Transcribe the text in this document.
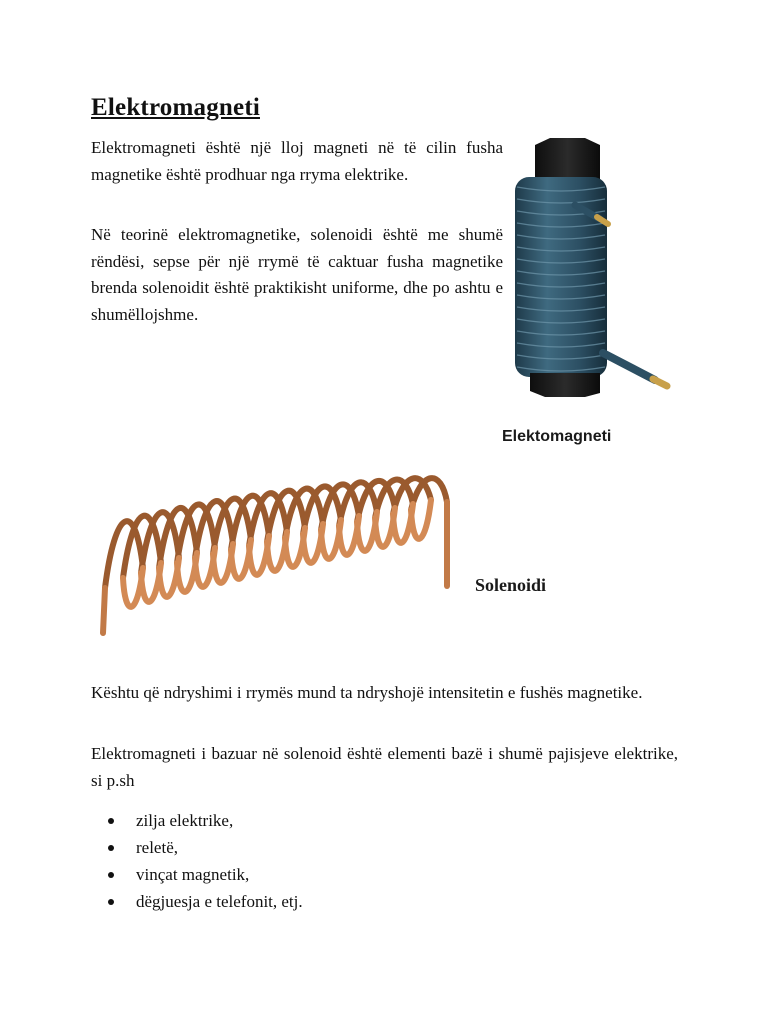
Elektromagneti

Elektromagneti është një lloj magneti në të cilin fusha magnetike është prodhuar nga rryma elektrike.

Në teorinë elektromagnetike, solenoidi është me shumë rëndësi, sepse për një rrymë të caktuar fusha magnetike brenda solenoidit është praktikisht uniforme, dhe po ashtu e shumëllojshme.

Elektomagneti
Solenoidi

Kështu që ndryshimi i rrymës mund ta ndryshojë intensitetin e fushës magnetike.

Elektromagneti i bazuar në solenoid është elementi bazë i shumë pajisjeve elektrike, si p.sh

zilja elektrike,
reletë,
vinçat magnetik,
dëgjuesja e telefonit, etj.
